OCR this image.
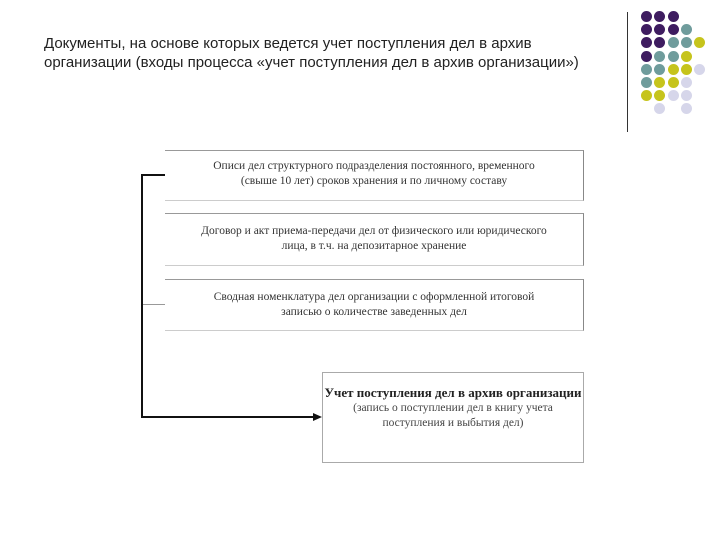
Документы, на основе которых ведется учет поступления дел в архив организации (входы процесса «учет поступления дел в архив организации»)

Описи дел структурного подразделения постоянного, временного

(свыше 10 лет) сроков хранения и по личному составу

Договор и акт приема-передачи дел от физического или юридического

лица, в т.ч. на депозитарное хранение

Сводная номенклатура дел организации с оформленной итоговой

записью о количестве заведенных дел

Учет поступления дел в архив организации
(запись о поступлении дел в книгу учета поступления и выбытия дел)
